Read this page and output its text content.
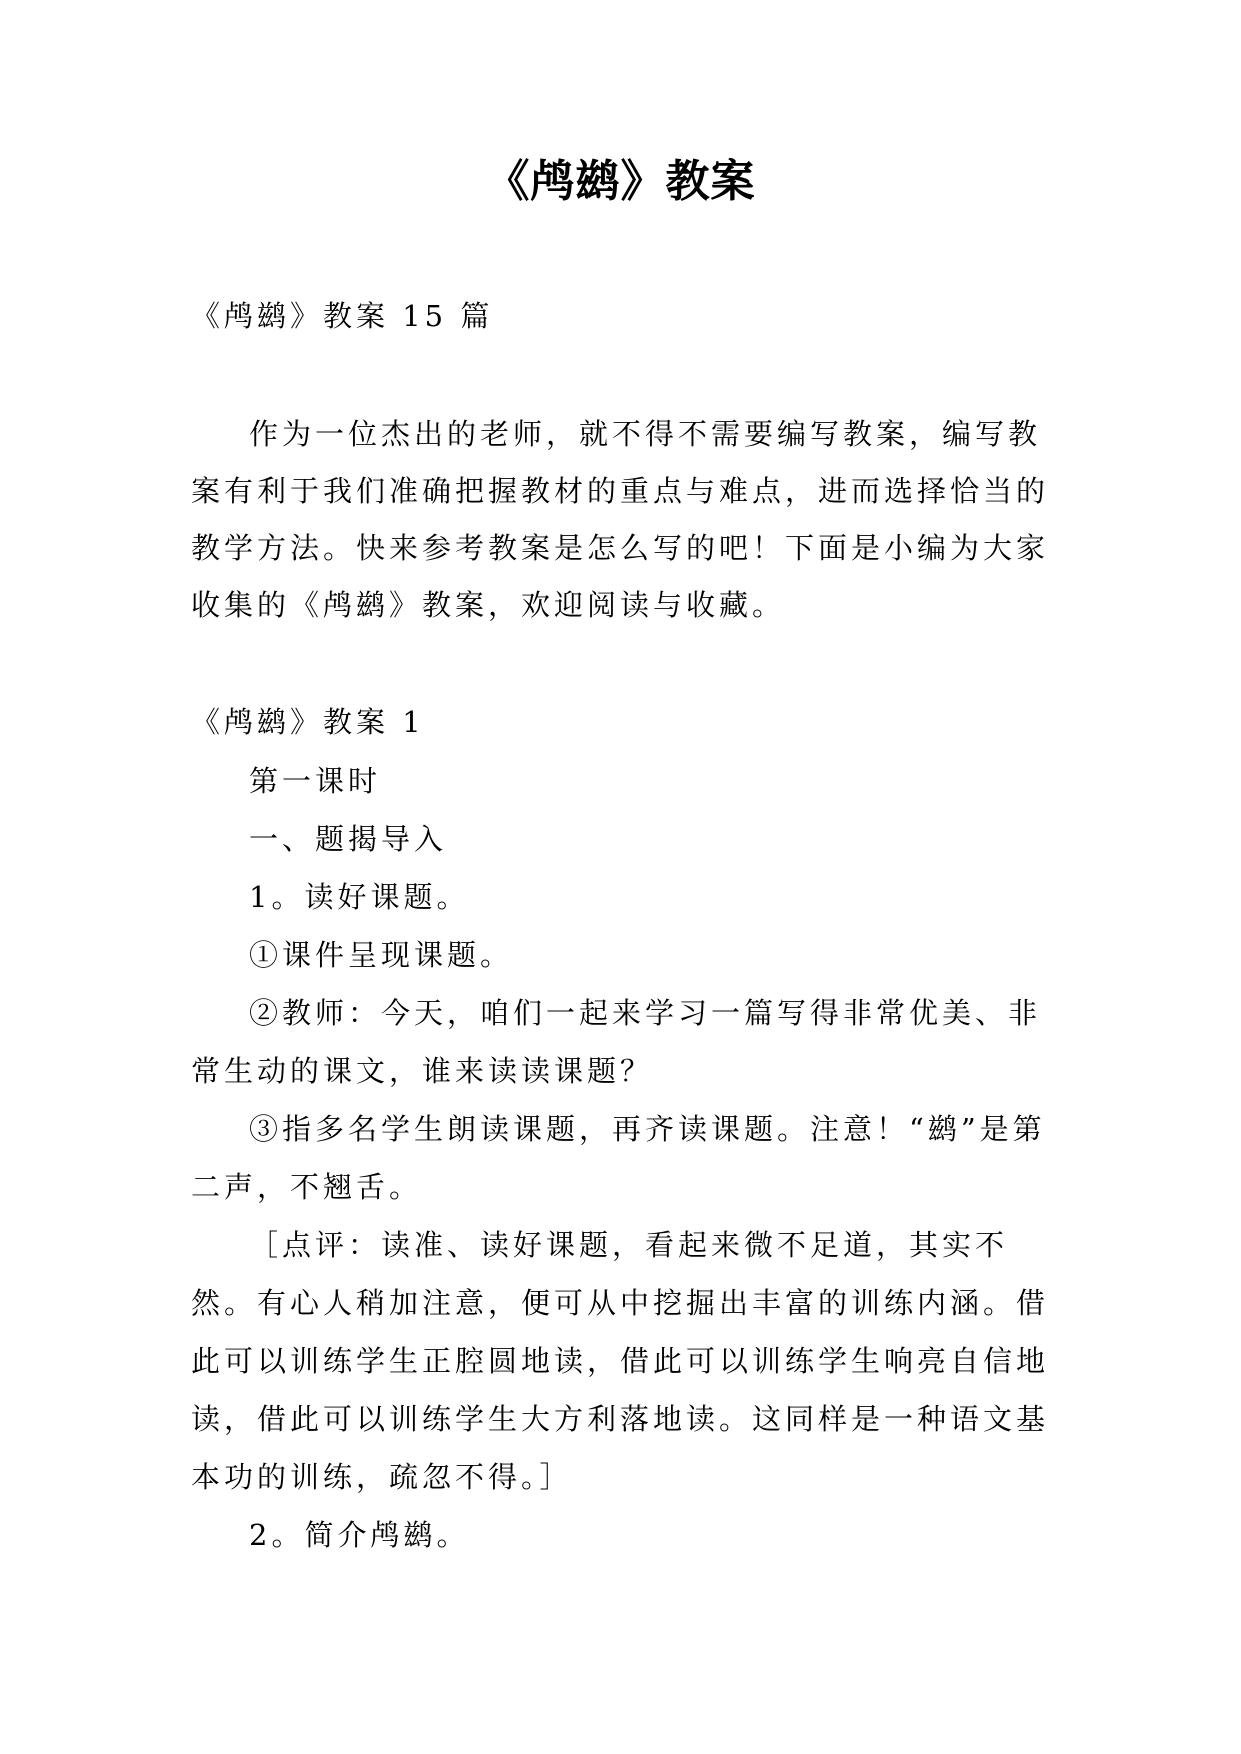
《鸬鹚》教案
《鸬鹚》教案 15 篇

作为一位杰出的老师，就不得不需要编写教案，编写教案有利于我们准确把握教材的重点与难点，进而选择恰当的教学方法。快来参考教案是怎么写的吧！下面是小编为大家收集的《鸬鹚》教案，欢迎阅读与收藏。

《鸬鹚》教案 1

第一课时

一、题揭导入

1。读好课题。

①课件呈现课题。

②教师：今天，咱们一起来学习一篇写得非常优美、非常生动的课文，谁来读读课题？

③指多名学生朗读课题，再齐读课题。注意！“鹚”是第二声，不翘舌。

［点评：读准、读好课题，看起来微不足道，其实不然。有心人稍加注意，便可从中挖掘出丰富的训练内涵。借此可以训练学生正腔圆地读，借此可以训练学生响亮自信地读，借此可以训练学生大方利落地读。这同样是一种语文基本功的训练，疏忽不得。］

2。简介鸬鹚。
